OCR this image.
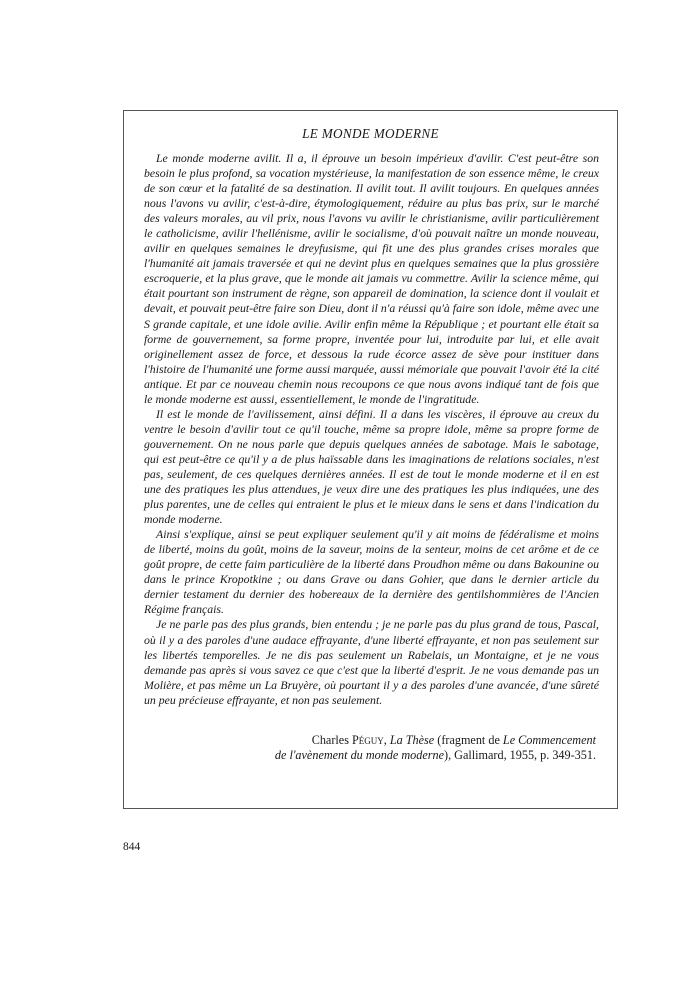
LE MONDE MODERNE

Le monde moderne avilit. Il a, il éprouve un besoin impérieux d'avilir. C'est peut-être son besoin le plus profond, sa vocation mystérieuse, la manifestation de son essence même, le creux de son cœur et la fatalité de sa destination. Il avilit tout. Il avilit toujours. En quelques années nous l'avons vu avilir, c'est-à-dire, étymologiquement, réduire au plus bas prix, sur le marché des valeurs morales, au vil prix, nous l'avons vu avilir le christianisme, avilir particulièrement le catholicisme, avilir l'hellénisme, avilir le socialisme, d'où pouvait naître un monde nouveau, avilir en quelques semaines le dreyfusisme, qui fit une des plus grandes crises morales que l'humanité ait jamais traversée et qui ne devint plus en quelques semaines que la plus grossière escroquerie, et la plus grave, que le monde ait jamais vu commettre. Avilir la science même, qui était pourtant son instrument de règne, son appareil de domination, la science dont il voulait et devait, et pouvait peut-être faire son Dieu, dont il n'a réussi qu'à faire son idole, même avec une S grande capitale, et une idole avilie. Avilir enfin même la République ; et pourtant elle était sa forme de gouvernement, sa forme propre, inventée pour lui, introduite par lui, et elle avait originellement assez de force, et dessous la rude écorce assez de sève pour instituer dans l'histoire de l'humanité une forme aussi marquée, aussi mémoriale que pouvait l'avoir été la cité antique. Et par ce nouveau chemin nous recoupons ce que nous avons indiqué tant de fois que le monde moderne est aussi, essentiellement, le monde de l'ingratitude.

Il est le monde de l'avilissement, ainsi défini. Il a dans les viscères, il éprouve au creux du ventre le besoin d'avilir tout ce qu'il touche, même sa propre idole, même sa propre forme de gouvernement. On ne nous parle que depuis quelques années de sabotage. Mais le sabotage, qui est peut-être ce qu'il y a de plus haïssable dans les imaginations de relations sociales, n'est pas, seulement, de ces quelques dernières années. Il est de tout le monde moderne et il en est une des pratiques les plus attendues, je veux dire une des pratiques les plus indiquées, une des plus parentes, une de celles qui entraient le plus et le mieux dans le sens et dans l'indication du monde moderne.

Ainsi s'explique, ainsi se peut expliquer seulement qu'il y ait moins de fédéralisme et moins de liberté, moins du goût, moins de la saveur, moins de la senteur, moins de cet arôme et de ce goût propre, de cette faim particulière de la liberté dans Proudhon même ou dans Bakounine ou dans le prince Kropotkine ; ou dans Grave ou dans Gohier, que dans le dernier article du dernier testament du dernier des hobereaux de la dernière des gentilshommières de l'Ancien Régime français.

Je ne parle pas des plus grands, bien entendu ; je ne parle pas du plus grand de tous, Pascal, où il y a des paroles d'une audace effrayante, d'une liberté effrayante, et non pas seulement sur les libertés temporelles. Je ne dis pas seulement un Rabelais, un Montaigne, et je ne vous demande pas après si vous savez ce que c'est que la liberté d'esprit. Je ne vous demande pas un Molière, et pas même un La Bruyère, où pourtant il y a des paroles d'une avancée, d'une sûreté un peu précieuse effrayante, et non pas seulement.

Charles Péguy, La Thèse (fragment de Le Commencement
de l'avènement du monde moderne), Gallimard, 1955, p. 349-351.
844
